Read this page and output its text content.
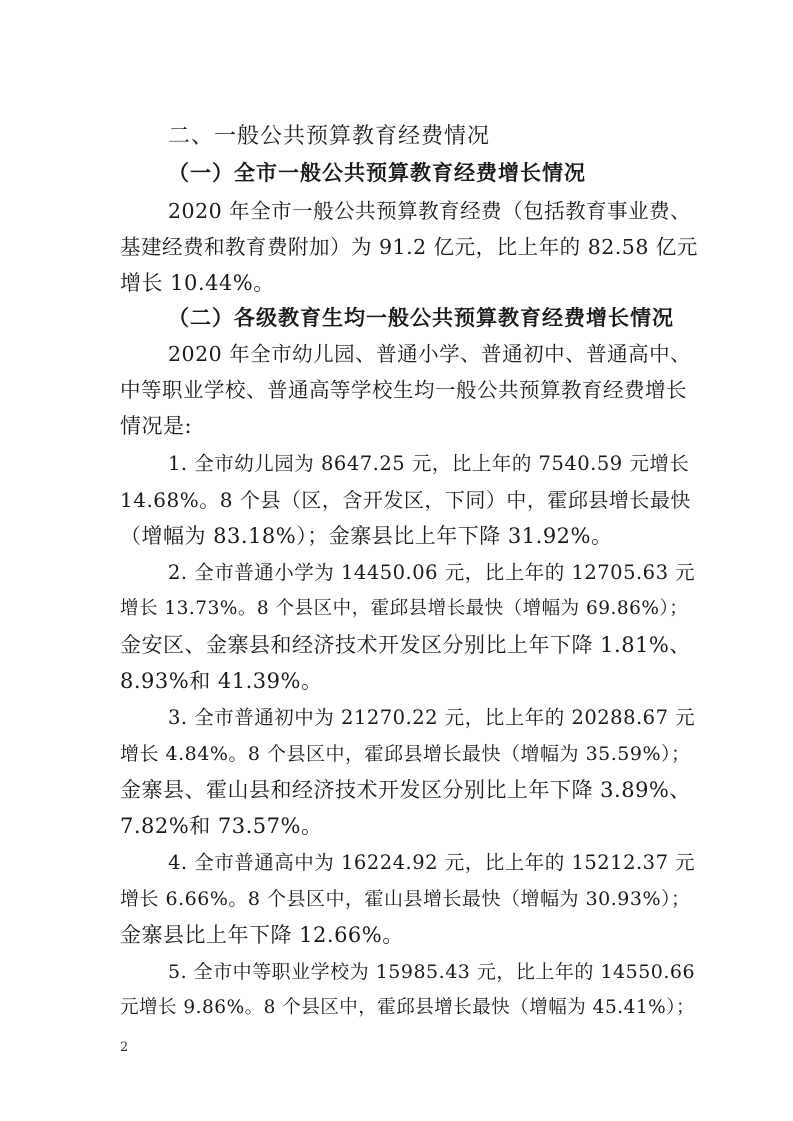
二、一般公共预算教育经费情况
（一）全市一般公共预算教育经费增长情况
2020 年全市一般公共预算教育经费（包括教育事业费、
基建经费和教育费附加）为 91.2 亿元，比上年的 82.58 亿元
增长 10.44%。
（二）各级教育生均一般公共预算教育经费增长情况
2020 年全市幼儿园、普通小学、普通初中、普通高中、
中等职业学校、普通高等学校生均一般公共预算教育经费增长
情况是:
1. 全市幼儿园为 8647.25 元，比上年的 7540.59 元增长
14.68%。8 个县（区，含开发区，下同）中，霍邱县增长最快
（增幅为 83.18%）；金寨县比上年下降 31.92%。
2. 全市普通小学为 14450.06 元，比上年的 12705.63 元
增长 13.73%。8 个县区中，霍邱县增长最快（增幅为 69.86%）；
金安区、金寨县和经济技术开发区分别比上年下降 1.81%、
8.93%和 41.39%。
3. 全市普通初中为 21270.22 元，比上年的 20288.67 元
增长 4.84%。8 个县区中，霍邱县增长最快（增幅为 35.59%）；
金寨县、霍山县和经济技术开发区分别比上年下降 3.89%、
7.82%和 73.57%。
4. 全市普通高中为 16224.92 元，比上年的 15212.37 元
增长 6.66%。8 个县区中，霍山县增长最快（增幅为 30.93%）；
金寨县比上年下降 12.66%。
5. 全市中等职业学校为 15985.43 元，比上年的 14550.66
元增长 9.86%。8 个县区中，霍邱县增长最快（增幅为 45.41%）；
2
